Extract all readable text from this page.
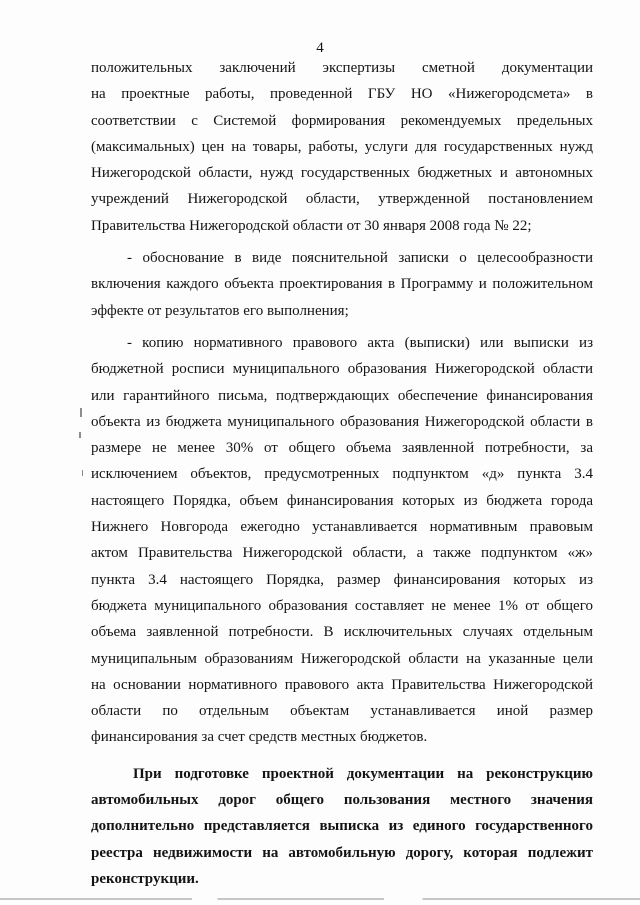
4
положительных заключений экспертизы сметной документации
на проектные работы, проведенной ГБУ НО «Нижегородсмета» в
соответствии с Системой формирования рекомендуемых предельных
(максимальных) цен на товары, работы, услуги для государственных нужд
Нижегородской области, нужд государственных бюджетных и автономных
учреждений Нижегородской области, утвержденной постановлением
Правительства Нижегородской области от 30 января 2008 года № 22;
- обоснование в виде пояснительной записки о целесообразности
включения каждого объекта проектирования в Программу и положительном
эффекте от результатов его выполнения;
- копию нормативного правового акта (выписки) или выписки из
бюджетной росписи муниципального образования Нижегородской области
или гарантийного письма, подтверждающих обеспечение финансирования
объекта из бюджета муниципального образования Нижегородской области в
размере не менее 30% от общего объема заявленной потребности, за
исключением объектов, предусмотренных подпунктом «д» пункта 3.4
настоящего Порядка, объем финансирования которых из бюджета города
Нижнего Новгорода ежегодно устанавливается нормативным правовым
актом Правительства Нижегородской области, а также подпунктом «ж»
пункта 3.4 настоящего Порядка, размер финансирования которых из
бюджета муниципального образования составляет не менее 1% от общего
объема заявленной потребности. В исключительных случаях отдельным
муниципальным образованиям Нижегородской области на указанные цели
на основании нормативного правового акта Правительства Нижегородской
области по отдельным объектам устанавливается иной размер
финансирования за счет средств местных бюджетов.
При подготовке проектной документации на реконструкцию
автомобильных дорог общего пользования местного значения
дополнительно представляется выписка из единого государственного
реестра недвижимости на автомобильную дорогу, которая подлежит
реконструкции.
